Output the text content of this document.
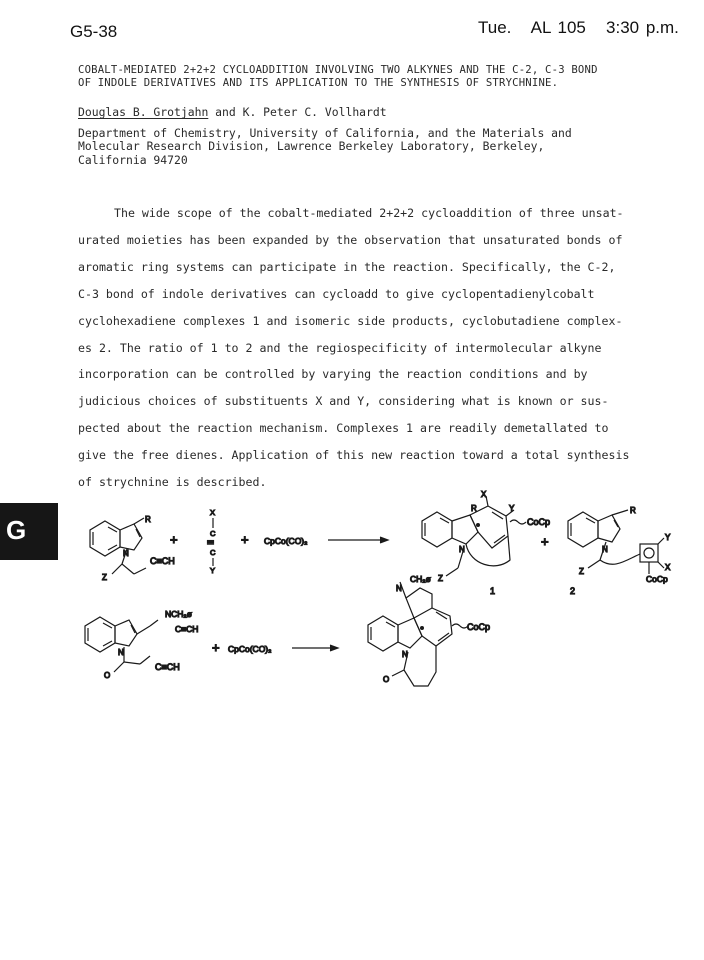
G5-38	Tue.   AL 105   3:30 p.m.
COBALT-MEDIATED 2+2+2 CYCLOADDITION INVOLVING TWO ALKYNES AND THE C-2, C-3 BOND
OF INDOLE DERIVATIVES AND ITS APPLICATION TO THE SYNTHESIS OF STRYCHNINE.
Douglas B. Grotjahn and K. Peter C. Vollhardt
Department of Chemistry, University of California, and the Materials and
Molecular Research Division, Lawrence Berkeley Laboratory, Berkeley,
California 94720
The wide scope of the cobalt-mediated 2+2+2 cycloaddition of three unsat-
urated moieties has been expanded by the observation that unsaturated bonds of
aromatic ring systems can participate in the reaction. Specifically, the C-2,
C-3 bond of indole derivatives can cycloadd to give cyclopentadienylcobalt
cyclohexadiene complexes 1 and isomeric side products, cyclobutadiene complex-
es 2. The ratio of 1 to 2 and the regiospecificity of intermolecular alkyne
incorporation can be controlled by varying the reaction conditions and by
judicious choices of substituents X and Y, considering what is known or sus-
pected about the reaction mechanism. Complexes 1 are readily demetallated to
give the free dienes. Application of this new reaction toward a total synthesis
of strychnine is described.
G	R
N
Z
C≡CH
+
X
C
|||
C
Y
+ CpCo(CO)₂
R
X
Y
CoCp
N
Z
1
+
R
Y
X
CoCp
N
Z
2
NCH₂ø
C≡CH
N
O
C≡CH
+ CpCo(CO)₂
CH₂ø
N
CoCp
N
O
